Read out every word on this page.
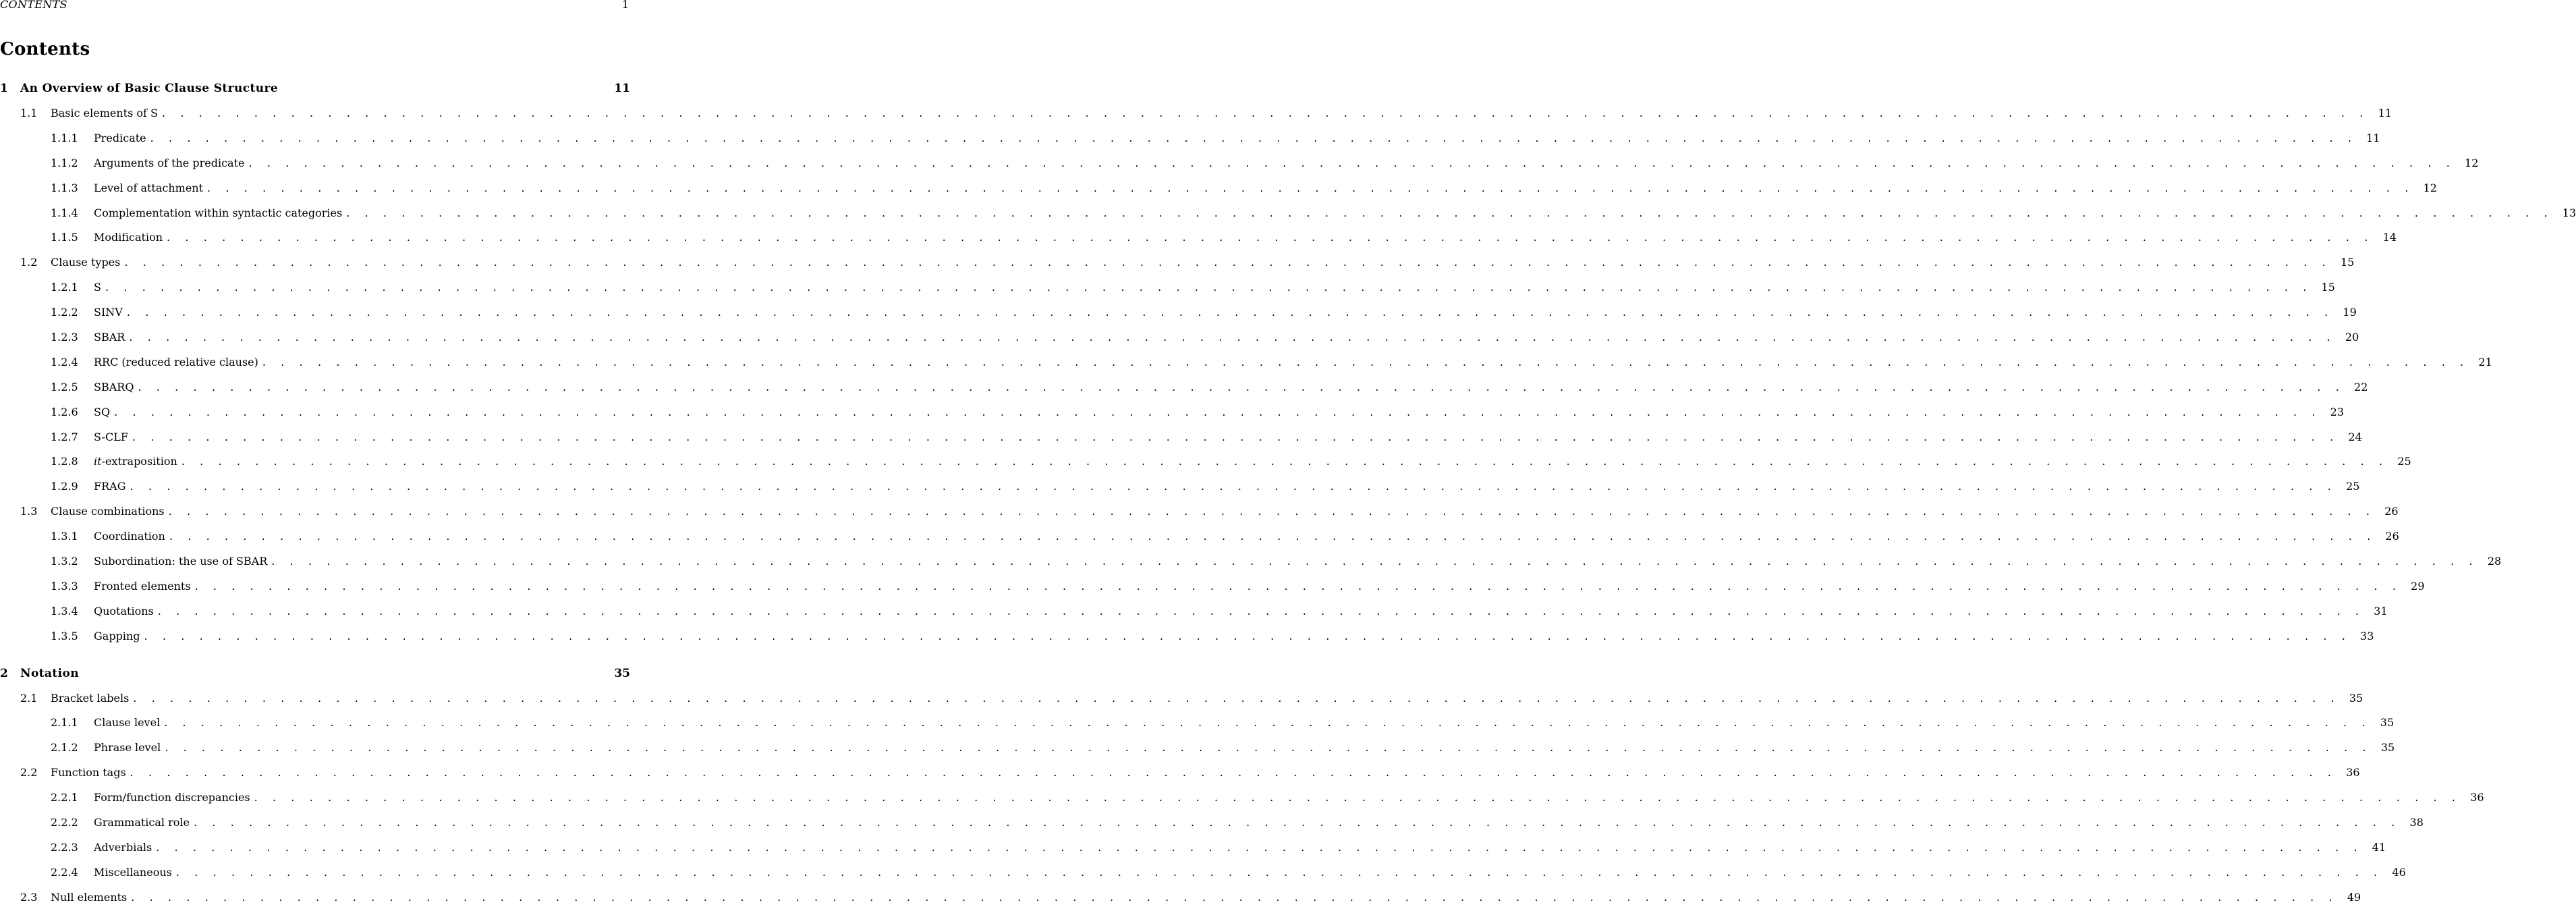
CONTENTS	1
Contents
1	An Overview of Basic Clause Structure	11
1.1	Basic elements of S . . . . . . . . . . . . . . . . . . . . . . . . . . . . . . . . . . . . . . . . . . . . . . . . . . . . . . . . . . . . . . . . . . . . . . . . . . . . . . . . . . . . . . . . . . . . . . . . . . . . . . . . . . . . . . . . . . . . . . . . 11
1.1.1	Predicate . . . . . . . . . . . . . . . . . . . . . . . . . . . . . . . . . . . . . . . . . . . . . . . . . . . . . . . . . . . . . . . . . . . . . . . . . . . . . . . . . . . . . . . . . . . . . . . . . . . . . . . . . . . . . . . . . . . . . . . . 11
1.1.2	Arguments of the predicate . . . . . . . . . . . . . . . . . . . . . . . . . . . . . . . . . . . . . . . . . . . . . . . . . . . . . . . . . . . . . . . . . . . . . . . . . . . . . . . . . . . . . . . . . . . . . . . . . . . . . . . . . . . . . . . . . . . . . . . . 12
1.1.3	Level of attachment . . . . . . . . . . . . . . . . . . . . . . . . . . . . . . . . . . . . . . . . . . . . . . . . . . . . . . . . . . . . . . . . . . . . . . . . . . . . . . . . . . . . . . . . . . . . . . . . . . . . . . . . . . . . . . . . . . . . . . . . 12
1.1.4	Complementation within syntactic categories . . . . . . . . . . . . . . . . . . . . . . . . . . . . . . . . . . . . . . . . . . . . . . . . . . . . . . . . . . . . . . . . . . . . . . . . . . . . . . . . . . . . . . . . . . . . . . . . . . . . . . . . . . . . . . . . . . . . . . . . 13
1.1.5	Modification . . . . . . . . . . . . . . . . . . . . . . . . . . . . . . . . . . . . . . . . . . . . . . . . . . . . . . . . . . . . . . . . . . . . . . . . . . . . . . . . . . . . . . . . . . . . . . . . . . . . . . . . . . . . . . . . . . . . . . . . 14
1.2	Clause types . . . . . . . . . . . . . . . . . . . . . . . . . . . . . . . . . . . . . . . . . . . . . . . . . . . . . . . . . . . . . . . . . . . . . . . . . . . . . . . . . . . . . . . . . . . . . . . . . . . . . . . . . . . . . . . . . . . . . . . . 15
1.2.1	S . . . . . . . . . . . . . . . . . . . . . . . . . . . . . . . . . . . . . . . . . . . . . . . . . . . . . . . . . . . . . . . . . . . . . . . . . . . . . . . . . . . . . . . . . . . . . . . . . . . . . . . . . . . . . . . . . . . . . . . . 15
1.2.2	SINV . . . . . . . . . . . . . . . . . . . . . . . . . . . . . . . . . . . . . . . . . . . . . . . . . . . . . . . . . . . . . . . . . . . . . . . . . . . . . . . . . . . . . . . . . . . . . . . . . . . . . . . . . . . . . . . . . . . . . . . . 19
1.2.3	SBAR . . . . . . . . . . . . . . . . . . . . . . . . . . . . . . . . . . . . . . . . . . . . . . . . . . . . . . . . . . . . . . . . . . . . . . . . . . . . . . . . . . . . . . . . . . . . . . . . . . . . . . . . . . . . . . . . . . . . . . . . 20
1.2.4	RRC (reduced relative clause) . . . . . . . . . . . . . . . . . . . . . . . . . . . . . . . . . . . . . . . . . . . . . . . . . . . . . . . . . . . . . . . . . . . . . . . . . . . . . . . . . . . . . . . . . . . . . . . . . . . . . . . . . . . . . . . . . . . . . . . . 21
1.2.5	SBARQ . . . . . . . . . . . . . . . . . . . . . . . . . . . . . . . . . . . . . . . . . . . . . . . . . . . . . . . . . . . . . . . . . . . . . . . . . . . . . . . . . . . . . . . . . . . . . . . . . . . . . . . . . . . . . . . . . . . . . . . . 22
1.2.6	SQ . . . . . . . . . . . . . . . . . . . . . . . . . . . . . . . . . . . . . . . . . . . . . . . . . . . . . . . . . . . . . . . . . . . . . . . . . . . . . . . . . . . . . . . . . . . . . . . . . . . . . . . . . . . . . . . . . . . . . . . . 23
1.2.7	S-CLF . . . . . . . . . . . . . . . . . . . . . . . . . . . . . . . . . . . . . . . . . . . . . . . . . . . . . . . . . . . . . . . . . . . . . . . . . . . . . . . . . . . . . . . . . . . . . . . . . . . . . . . . . . . . . . . . . . . . . . . . 24
1.2.8	it-extraposition . . . . . . . . . . . . . . . . . . . . . . . . . . . . . . . . . . . . . . . . . . . . . . . . . . . . . . . . . . . . . . . . . . . . . . . . . . . . . . . . . . . . . . . . . . . . . . . . . . . . . . . . . . . . . . . . . . . . . . . . 25
1.2.9	FRAG . . . . . . . . . . . . . . . . . . . . . . . . . . . . . . . . . . . . . . . . . . . . . . . . . . . . . . . . . . . . . . . . . . . . . . . . . . . . . . . . . . . . . . . . . . . . . . . . . . . . . . . . . . . . . . . . . . . . . . . . 25
1.3	Clause combinations . . . . . . . . . . . . . . . . . . . . . . . . . . . . . . . . . . . . . . . . . . . . . . . . . . . . . . . . . . . . . . . . . . . . . . . . . . . . . . . . . . . . . . . . . . . . . . . . . . . . . . . . . . . . . . . . . . . . . . . . 26
1.3.1	Coordination . . . . . . . . . . . . . . . . . . . . . . . . . . . . . . . . . . . . . . . . . . . . . . . . . . . . . . . . . . . . . . . . . . . . . . . . . . . . . . . . . . . . . . . . . . . . . . . . . . . . . . . . . . . . . . . . . . . . . . . . 26
1.3.2	Subordination: the use of SBAR . . . . . . . . . . . . . . . . . . . . . . . . . . . . . . . . . . . . . . . . . . . . . . . . . . . . . . . . . . . . . . . . . . . . . . . . . . . . . . . . . . . . . . . . . . . . . . . . . . . . . . . . . . . . . . . . . . . . . . . . 28
1.3.3	Fronted elements . . . . . . . . . . . . . . . . . . . . . . . . . . . . . . . . . . . . . . . . . . . . . . . . . . . . . . . . . . . . . . . . . . . . . . . . . . . . . . . . . . . . . . . . . . . . . . . . . . . . . . . . . . . . . . . . . . . . . . . . 29
1.3.4	Quotations . . . . . . . . . . . . . . . . . . . . . . . . . . . . . . . . . . . . . . . . . . . . . . . . . . . . . . . . . . . . . . . . . . . . . . . . . . . . . . . . . . . . . . . . . . . . . . . . . . . . . . . . . . . . . . . . . . . . . . . . 31
1.3.5	Gapping . . . . . . . . . . . . . . . . . . . . . . . . . . . . . . . . . . . . . . . . . . . . . . . . . . . . . . . . . . . . . . . . . . . . . . . . . . . . . . . . . . . . . . . . . . . . . . . . . . . . . . . . . . . . . . . . . . . . . . . . 33
2	Notation	35
2.1	Bracket labels . . . . . . . . . . . . . . . . . . . . . . . . . . . . . . . . . . . . . . . . . . . . . . . . . . . . . . . . . . . . . . . . . . . . . . . . . . . . . . . . . . . . . . . . . . . . . . . . . . . . . . . . . . . . . . . . . . . . . . . . 35
2.1.1	Clause level . . . . . . . . . . . . . . . . . . . . . . . . . . . . . . . . . . . . . . . . . . . . . . . . . . . . . . . . . . . . . . . . . . . . . . . . . . . . . . . . . . . . . . . . . . . . . . . . . . . . . . . . . . . . . . . . . . . . . . . . 35
2.1.2	Phrase level . . . . . . . . . . . . . . . . . . . . . . . . . . . . . . . . . . . . . . . . . . . . . . . . . . . . . . . . . . . . . . . . . . . . . . . . . . . . . . . . . . . . . . . . . . . . . . . . . . . . . . . . . . . . . . . . . . . . . . . . 35
2.2	Function tags . . . . . . . . . . . . . . . . . . . . . . . . . . . . . . . . . . . . . . . . . . . . . . . . . . . . . . . . . . . . . . . . . . . . . . . . . . . . . . . . . . . . . . . . . . . . . . . . . . . . . . . . . . . . . . . . . . . . . . . . 36
2.2.1	Form/function discrepancies . . . . . . . . . . . . . . . . . . . . . . . . . . . . . . . . . . . . . . . . . . . . . . . . . . . . . . . . . . . . . . . . . . . . . . . . . . . . . . . . . . . . . . . . . . . . . . . . . . . . . . . . . . . . . . . . . . . . . . . . 36
2.2.2	Grammatical role . . . . . . . . . . . . . . . . . . . . . . . . . . . . . . . . . . . . . . . . . . . . . . . . . . . . . . . . . . . . . . . . . . . . . . . . . . . . . . . . . . . . . . . . . . . . . . . . . . . . . . . . . . . . . . . . . . . . . . . . 38
2.2.3	Adverbials . . . . . . . . . . . . . . . . . . . . . . . . . . . . . . . . . . . . . . . . . . . . . . . . . . . . . . . . . . . . . . . . . . . . . . . . . . . . . . . . . . . . . . . . . . . . . . . . . . . . . . . . . . . . . . . . . . . . . . . . 41
2.2.4	Miscellaneous . . . . . . . . . . . . . . . . . . . . . . . . . . . . . . . . . . . . . . . . . . . . . . . . . . . . . . . . . . . . . . . . . . . . . . . . . . . . . . . . . . . . . . . . . . . . . . . . . . . . . . . . . . . . . . . . . . . . . . . . 46
2.3	Null elements . . . . . . . . . . . . . . . . . . . . . . . . . . . . . . . . . . . . . . . . . . . . . . . . . . . . . . . . . . . . . . . . . . . . . . . . . . . . . . . . . . . . . . . . . . . . . . . . . . . . . . . . . . . . . . . . . . . . . . . . 49
